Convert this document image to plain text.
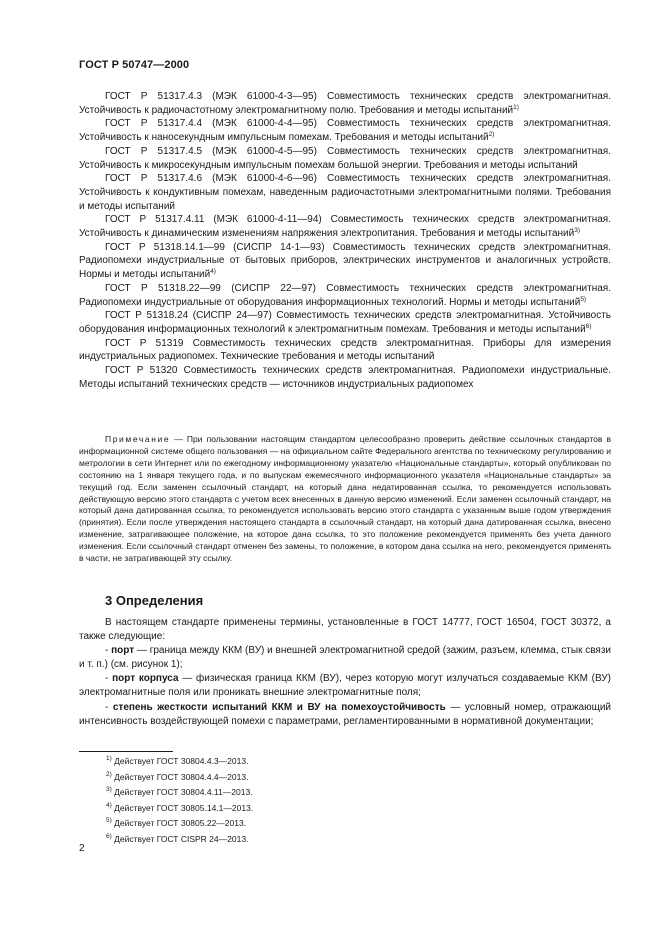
ГОСТ Р 50747—2000

ГОСТ Р 51317.4.3 (МЭК 61000-4-3—95) Совместимость технических средств электромагнитная. Устойчивость к радиочастотному электромагнитному полю. Требования и методы испытаний$^{1)}$

ГОСТ Р 51317.4.4 (МЭК 61000-4-4—95) Совместимость технических средств электромагнитная. Устойчивость к наносекундным импульсным помехам. Требования и методы испытаний$^{2)}$

ГОСТ Р 51317.4.5 (МЭК 61000-4-5—95) Совместимость технических средств электромагнитная. Устойчивость к микросекундным импульсным помехам большой энергии. Требования и методы испытаний

ГОСТ Р 51317.4.6 (МЭК 61000-4-6—96) Совместимость технических средств электромагнитная. Устойчивость к кондуктивным помехам, наведенным радиочастотными электромагнитными полями. Требования и методы испытаний

ГОСТ Р 51317.4.11 (МЭК 61000-4-11—94) Совместимость технических средств электромагнитная. Устойчивость к динамическим изменениям напряжения электропитания. Требования и методы испытаний$^{3)}$

ГОСТ Р 51318.14.1—99 (СИСПР 14-1—93) Совместимость технических средств электромагнитная. Радиопомехи индустриальные от бытовых приборов, электрических инструментов и аналогичных устройств. Нормы и методы испытаний$^{4)}$

ГОСТ Р 51318.22—99 (СИСПР 22—97) Совместимость технических средств электромагнитная. Радиопомехи индустриальные от оборудования информационных технологий. Нормы и методы испытаний$^{5)}$

ГОСТ Р 51318.24 (СИСПР 24—97) Совместимость технических средств электромагнитная. Устойчивость оборудования информационных технологий к электромагнитным помехам. Требования и методы испытаний$^{6)}$

ГОСТ Р 51319 Совместимость технических средств электромагнитная. Приборы для измерения индустриальных радиопомех. Технические требования и методы испытаний

ГОСТ Р 51320 Совместимость технических средств электромагнитная. Радиопомехи индустриальные. Методы испытаний технических средств — источников индустриальных радиопомех

Примечание — При пользовании настоящим стандартом целесообразно проверить действие ссылочных стандартов в информационной системе общего пользования — на официальном сайте Федерального агентства по техническому регулированию и метрологии в сети Интернет или по ежегодному информационному указателю «Национальные стандарты», который опубликован по состоянию на 1 января текущего года, и по выпускам ежемесячного информационного указателя «Национальные стандарты» за текущий год. Если заменен ссылочный стандарт, на который дана недатированная ссылка, то рекомендуется использовать действующую версию этого стандарта с учетом всех внесенных в данную версию изменений. Если заменен ссылочный стандарт, на который дана датированная ссылка, то рекомендуется использовать версию этого стандарта с указанным выше годом утверждения (принятия). Если после утверждения настоящего стандарта в ссылочный стандарт, на который дана датированная ссылка, внесено изменение, затрагивающее положение, на которое дана ссылка, то это положение рекомендуется применять без учета данного изменения. Если ссылочный стандарт отменен без замены, то положение, в котором дана ссылка на него, рекомендуется применять в части, не затрагивающей эту ссылку.

3 Определения

В настоящем стандарте применены термины, установленные в ГОСТ 14777, ГОСТ 16504, ГОСТ 30372, а также следующие:

- порт — граница между ККМ (ВУ) и внешней электромагнитной средой (зажим, разъем, клемма, стык связи и т. п.) (см. рисунок 1);

- порт корпуса — физическая граница ККМ (ВУ), через которую могут излучаться создаваемые ККМ (ВУ) электромагнитные поля или проникать внешние электромагнитные поля;

- степень жесткости испытаний ККМ и ВУ на помехоустойчивость — условный номер, отражающий интенсивность воздействующей помехи с параметрами, регламентированными в нормативной документации;

$^{1)}$ Действует ГОСТ 30804.4.3—2013.

$^{2)}$ Действует ГОСТ 30804.4.4—2013.

$^{3)}$ Действует ГОСТ 30804.4.11—2013.

$^{4)}$ Действует ГОСТ 30805.14.1—2013.

$^{5)}$ Действует ГОСТ 30805.22—2013.

$^{6)}$ Действует ГОСТ CISPR 24—2013.

2
